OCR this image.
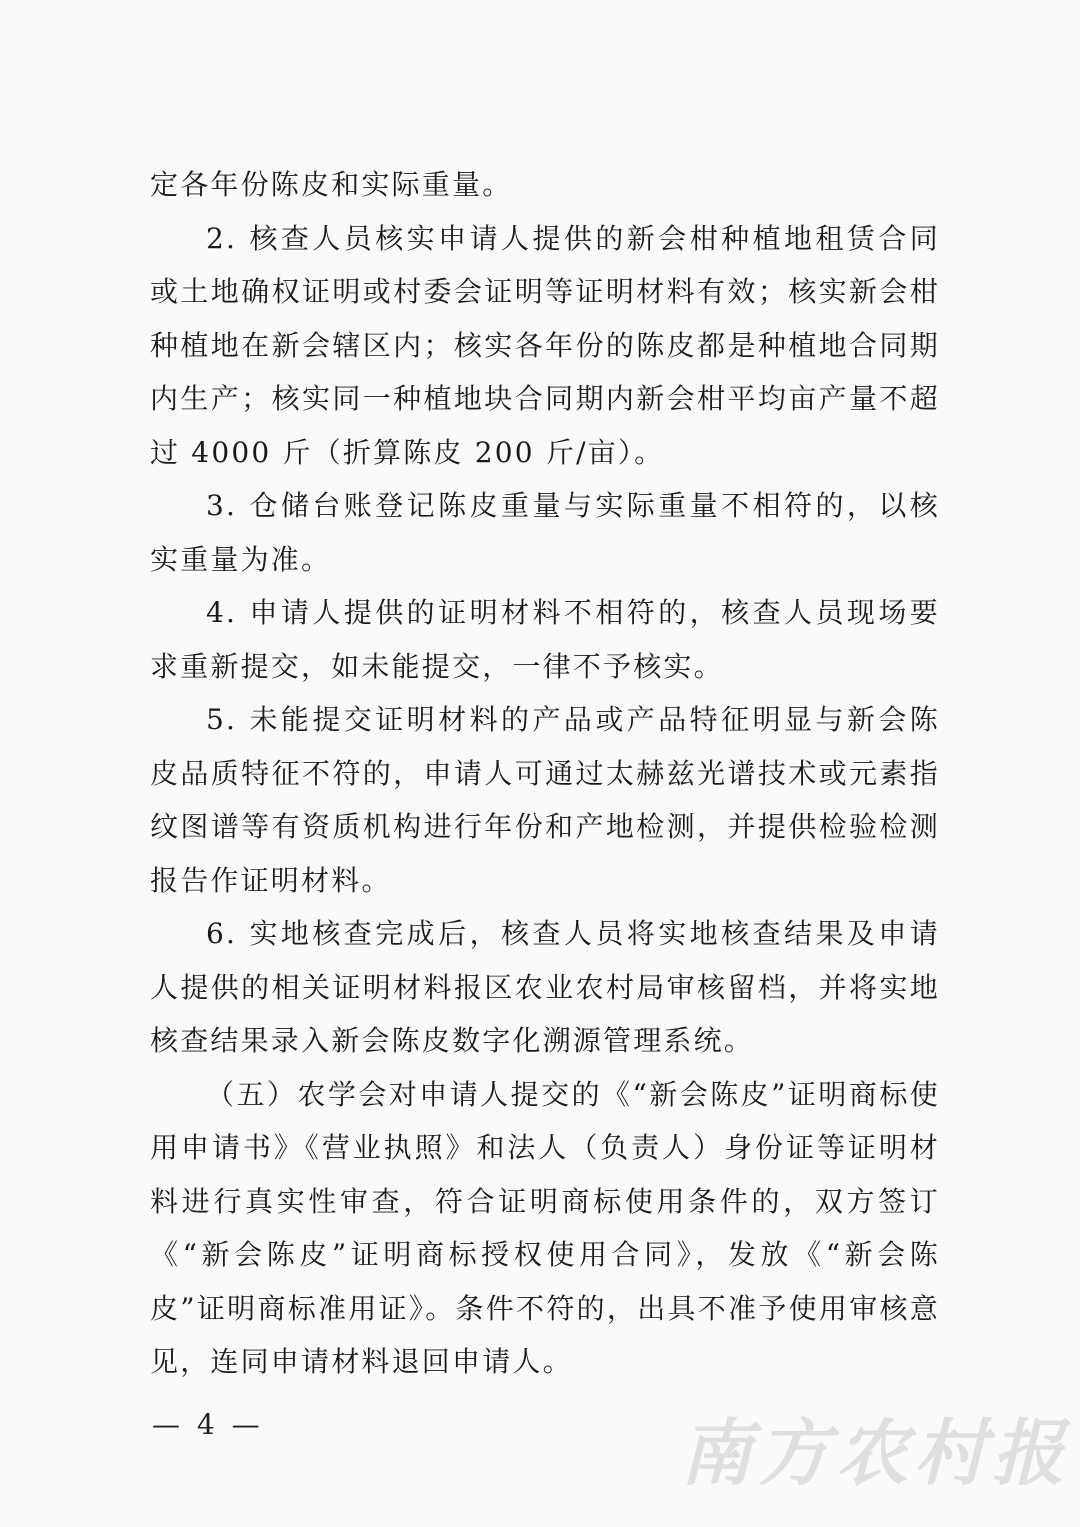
定各年份陈皮和实际重量。

2. 核查人员核实申请人提供的新会柑种植地租赁合同或土地确权证明或村委会证明等证明材料有效；核实新会柑种植地在新会辖区内；核实各年份的陈皮都是种植地合同期内生产；核实同一种植地块合同期内新会柑平均亩产量不超过 4000 斤（折算陈皮 200 斤/亩）。

3. 仓储台账登记陈皮重量与实际重量不相符的，以核实重量为准。

4. 申请人提供的证明材料不相符的，核查人员现场要求重新提交，如未能提交，一律不予核实。

5. 未能提交证明材料的产品或产品特征明显与新会陈皮品质特征不符的，申请人可通过太赫兹光谱技术或元素指纹图谱等有资质机构进行年份和产地检测，并提供检验检测报告作证明材料。

6. 实地核查完成后，核查人员将实地核查结果及申请人提供的相关证明材料报区农业农村局审核留档，并将实地核查结果录入新会陈皮数字化溯源管理系统。

（五）农学会对申请人提交的《“新会陈皮”证明商标使用申请书》《营业执照》和法人（负责人）身份证等证明材料进行真实性审查，符合证明商标使用条件的，双方签订《“新会陈皮”证明商标授权使用合同》，发放《“新会陈皮”证明商标准用证》。条件不符的，出具不准予使用审核意见，连同申请材料退回申请人。

— 4 —	南方农村报
